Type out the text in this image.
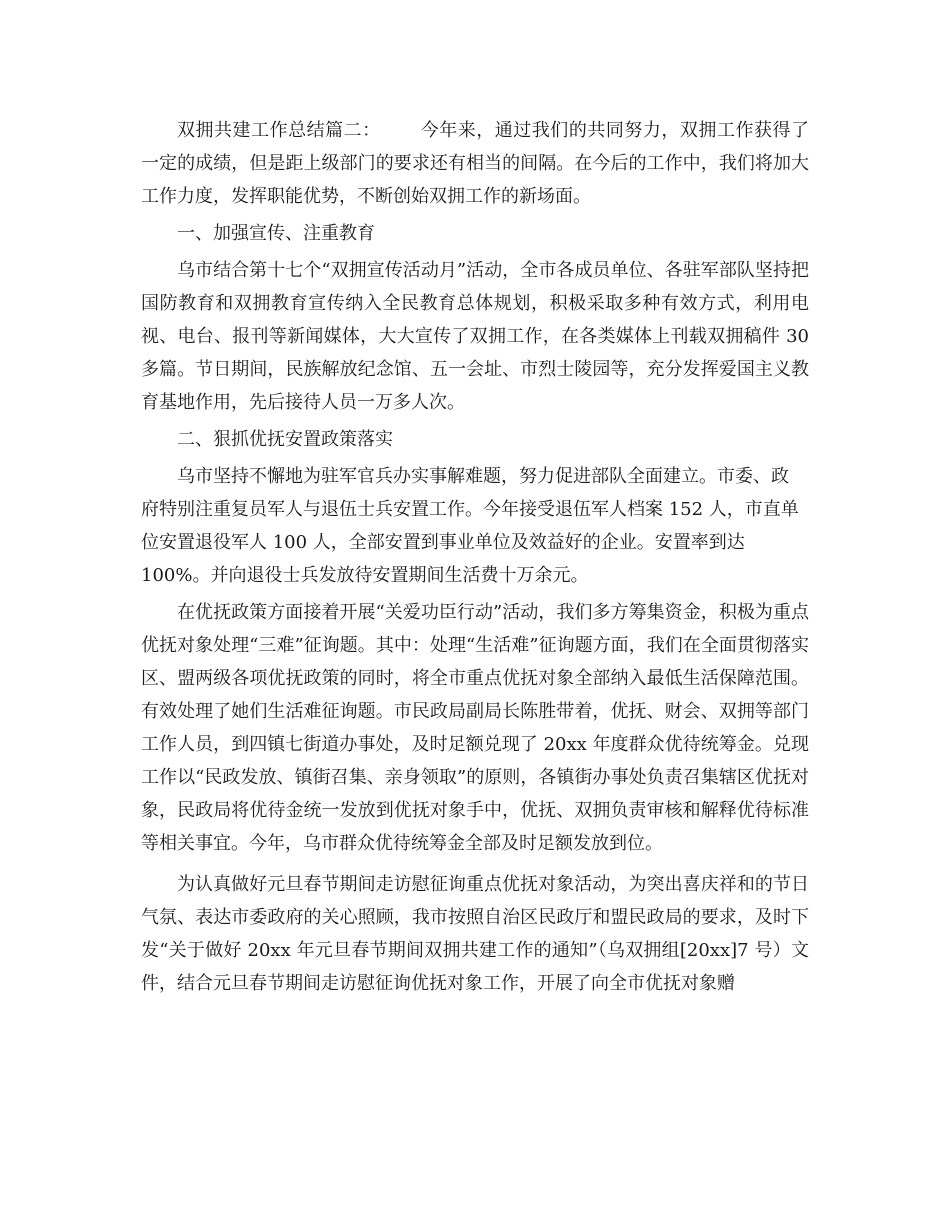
双拥共建工作总结篇二： 今年来，通过我们的共同努力，双拥工作获得了一定的成绩，但是距上级部门的要求还有相当的间隔。在今后的工作中，我们将加大工作力度，发挥职能优势，不断创始双拥工作的新场面。

一、加强宣传、注重教育

乌市结合第十七个“双拥宣传活动月”活动，全市各成员单位、各驻军部队坚持把国防教育和双拥教育宣传纳入全民教育总体规划，积极采取多种有效方式，利用电视、电台、报刊等新闻媒体，大大宣传了双拥工作，在各类媒体上刊载双拥稿件 30 多篇。节日期间，民族解放纪念馆、五一会址、市烈士陵园等，充分发挥爱国主义教育基地作用，先后接待人员一万多人次。

二、狠抓优抚安置政策落实

乌市坚持不懈地为驻军官兵办实事解难题，努力促进部队全面建立。市委、政
府特别注重复员军人与退伍士兵安置工作。今年接受退伍军人档案 152 人，市直单
位安置退役军人 100 人，全部安置到事业单位及效益好的企业。安置率到达
100%。并向退役士兵发放待安置期间生活费十万余元。

在优抚政策方面接着开展“关爱功臣行动”活动，我们多方筹集资金，积极为重点优抚对象处理“三难”征询题。其中：处理“生活难”征询题方面，我们在全面贯彻落实区、盟两级各项优抚政策的同时，将全市重点优抚对象全部纳入最低生活保障范围。有效处理了她们生活难征询题。市民政局副局长陈胜带着，优抚、财会、双拥等部门工作人员，到四镇七街道办事处，及时足额兑现了 20xx 年度群众优待统筹金。兑现工作以“民政发放、镇街召集、亲身领取”的原则，各镇街办事处负责召集辖区优抚对象，民政局将优待金统一发放到优抚对象手中，优抚、双拥负责审核和解释优待标准等相关事宜。今年，乌市群众优待统筹金全部及时足额发放到位。

为认真做好元旦春节期间走访慰征询重点优抚对象活动，为突出喜庆祥和的节日气氛、表达市委政府的关心照顾，我市按照自治区民政厅和盟民政局的要求，及时下发“关于做好 20xx 年元旦春节期间双拥共建工作的通知”（乌双拥组[20xx]7 号）文件，结合元旦春节期间走访慰征询优抚对象工作，开展了向全市优抚对象赠
